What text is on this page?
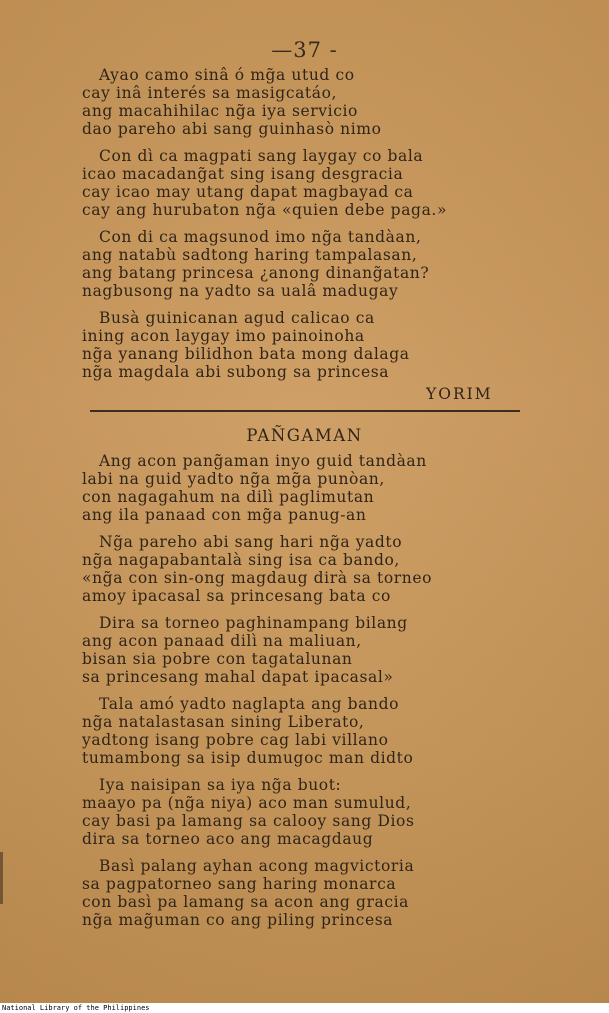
—37 -
Ayao camo sinâ ó mg̃a utud co
cay inâ interés sa masigcatáo,
ang macahihilac ng̃a iya servicio
dao pareho abi sang guinhasò nimo
Con dì ca magpati sang laygay co bala
icao macadang̃at sing isang desgracia
cay icao may utang dapat magbayad ca
cay ang hurubaton ng̃a «quien debe paga.»
Con di ca magsunod imo ng̃a tandàan,
ang natabù sadtong haring tampalasan,
ang batang princesa ¿anong dinang̃atan?
nagbusong na yadto sa ualâ madugay
Busà guinicanan agud calicao ca
ining acon laygay imo painoinoha
ng̃a yanang bilidhon bata mong dalaga
ng̃a magdala abi subong sa princesa
YORIM
PAÑGAMAN
Ang acon pang̃aman inyo guid tandàan
labi na guid yadto ng̃a mg̃a punòan,
con nagagahum na dilì paglimutan
ang ila panaad con mg̃a panug-an
Ng̃a pareho abi sang hari ng̃a yadto
ng̃a nagapabantalà sing isa ca bando,
«ng̃a con sin-ong magdaug dirà sa torneo
amoy ipacasal sa princesang bata co
Dira sa torneo paghinampang bilang
ang acon panaad dilì na maliuan,
bisan sia pobre con tagatalunan
sa princesang mahal dapat ipacasal»
Tala amó yadto naglapta ang bando
ng̃a natalastasan sining Liberato,
yadtong isang pobre cag labi villano
tumambong sa isip dumugoc man didto
Iya naisipan sa iya ng̃a buot:
maayo pa (ng̃a niya) aco man sumulud,
cay basi pa lamang sa calooy sang Dios
dira sa torneo aco ang macagdaug
Basì palang ayhan acong magvictoria
sa pagpatorneo sang haring monarca
con basì pa lamang sa acon ang gracia
ng̃a mag̃uman co ang piling princesa
National Library of the Philippines
